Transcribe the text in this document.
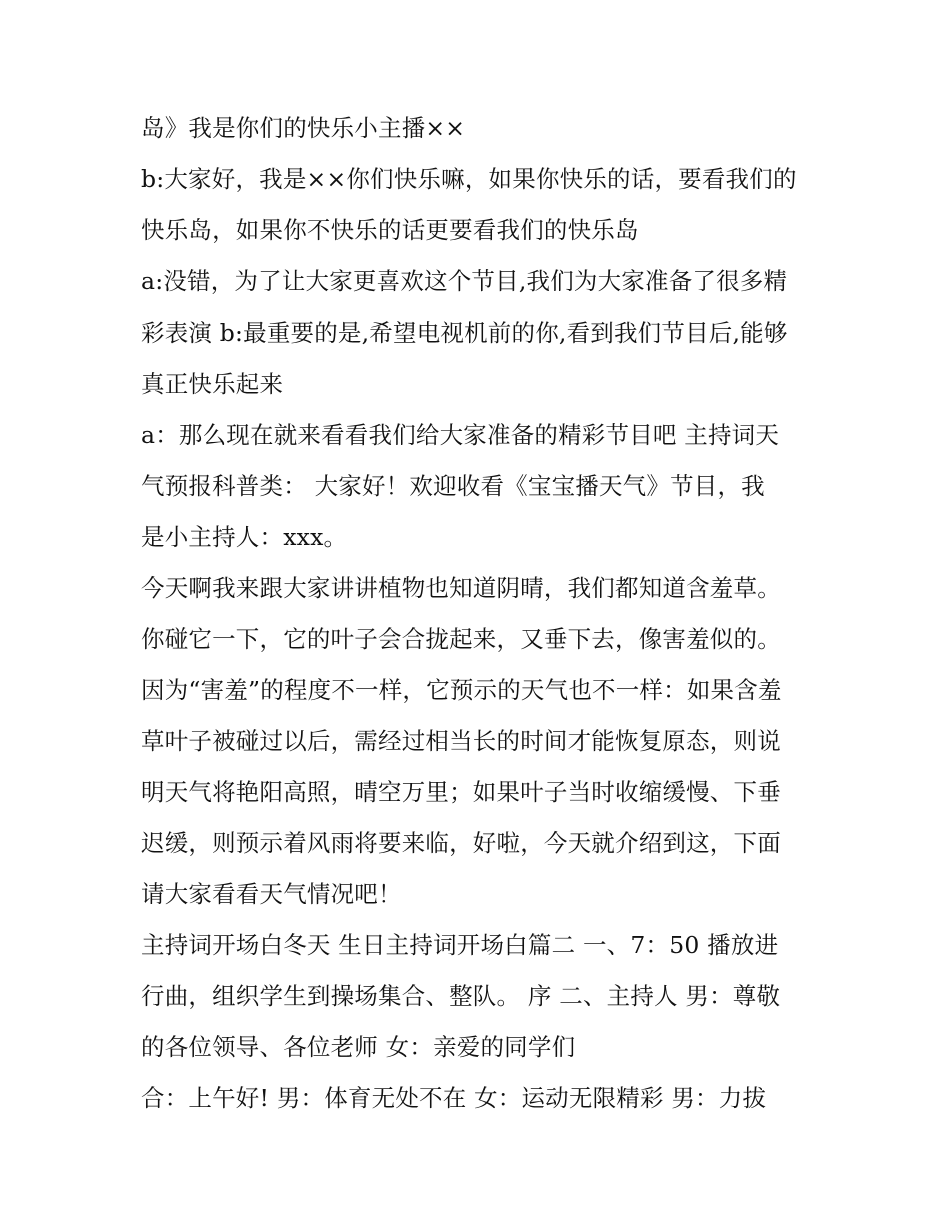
岛》我是你们的快乐小主播××
b:大家好，我是××你们快乐嘛，如果你快乐的话，要看我们的
快乐岛，如果你不快乐的话更要看我们的快乐岛
a:没错，为了让大家更喜欢这个节目,我们为大家准备了很多精
彩表演 b:最重要的是,希望电视机前的你,看到我们节目后,能够
真正快乐起来
a：那么现在就来看看我们给大家准备的精彩节目吧 主持词天
气预报科普类： 大家好！欢迎收看《宝宝播天气》节目，我
是小主持人：xxx。
今天啊我来跟大家讲讲植物也知道阴晴，我们都知道含羞草。
你碰它一下，它的叶子会合拢起来，又垂下去，像害羞似的。
因为“害羞”的程度不一样，它预示的天气也不一样：如果含羞
草叶子被碰过以后，需经过相当长的时间才能恢复原态，则说
明天气将艳阳高照，晴空万里；如果叶子当时收缩缓慢、下垂
迟缓，则预示着风雨将要来临，好啦，今天就介绍到这，下面
请大家看看天气情况吧！
主持词开场白冬天 生日主持词开场白篇二 一、7：50 播放进
行曲，组织学生到操场集合、整队。 序 二、主持人 男：尊敬
的各位领导、各位老师 女：亲爱的同学们
合：上午好! 男：体育无处不在 女：运动无限精彩 男：力拔
